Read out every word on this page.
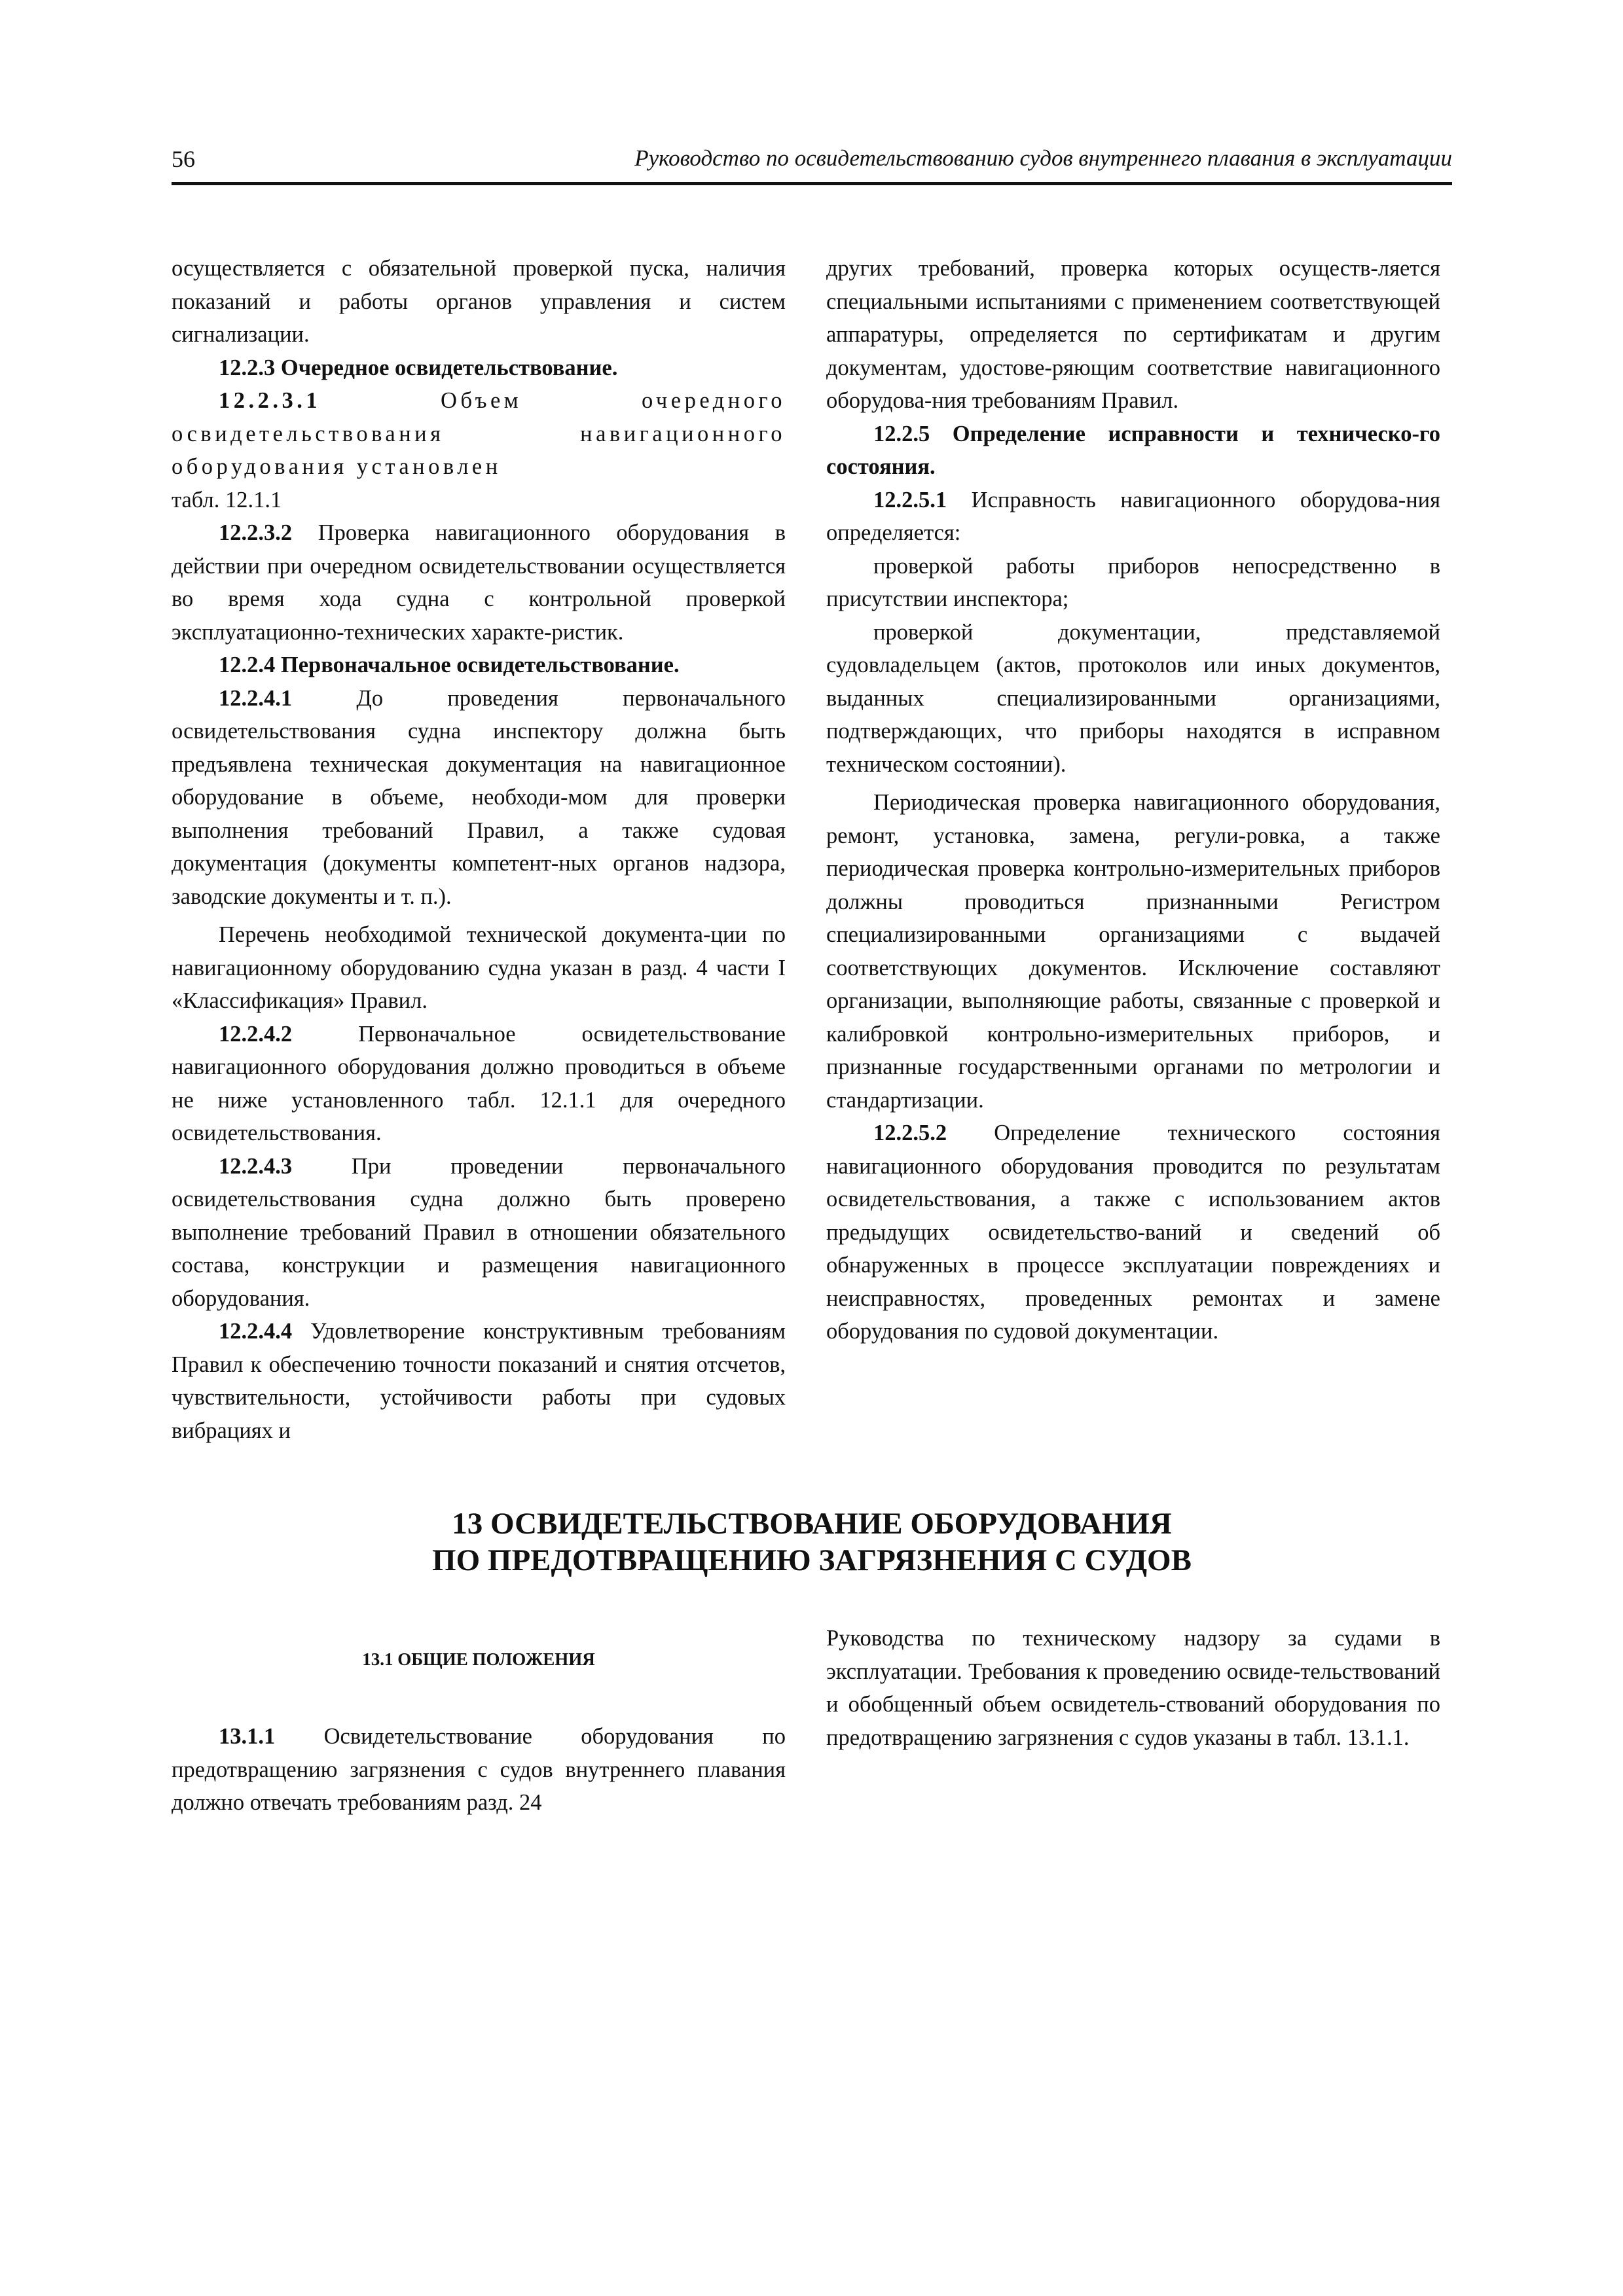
56	Руководство по освидетельствованию судов внутреннего плавания в эксплуатации

осуществляется с обязательной проверкой пуска, наличия показаний и работы органов управления и систем сигнализации.

12.2.3 Очередное освидетельствование.

12.2.3.1 Объем очередного освидетельствования навигационного оборудования установлен

табл. 12.1.1

12.2.3.2 Проверка навигационного оборудования в действии при очередном освидетельствовании осуществляется во время хода судна с контрольной проверкой эксплуатационно-технических характе-ристик.

12.2.4 Первоначальное освидетельствование.

12.2.4.1 До проведения первоначального освидетельствования судна инспектору должна быть предъявлена техническая документация на навигационное оборудование в объеме, необходи-мом для проверки выполнения требований Правил, а также судовая документация (документы компетент-ных органов надзора, заводские документы и т. п.).

Перечень необходимой технической документа-ции по навигационному оборудованию судна указан в разд. 4 части I «Классификация» Правил.

12.2.4.2 Первоначальное освидетельствование навигационного оборудования должно проводиться в объеме не ниже установленного табл. 12.1.1 для очередного освидетельствования.

12.2.4.3 При проведении первоначального освидетельствования судна должно быть проверено выполнение требований Правил в отношении обязательного состава, конструкции и размещения навигационного оборудования.

12.2.4.4 Удовлетворение конструктивным требованиям Правил к обеспечению точности показаний и снятия отсчетов, чувствительности, устойчивости работы при судовых вибрациях и

других требований, проверка которых осуществ-ляется специальными испытаниями с применением соответствующей аппаратуры, определяется по сертификатам и другим документам, удостове-ряющим соответствие навигационного оборудова-ния требованиям Правил.

12.2.5 Определение исправности и техническо-го состояния.

12.2.5.1 Исправность навигационного оборудова-ния определяется:

проверкой работы приборов непосредственно в присутствии инспектора;

проверкой документации, представляемой судовладельцем (актов, протоколов или иных документов, выданных специализированными организациями, подтверждающих, что приборы находятся в исправном техническом состоянии).

Периодическая проверка навигационного оборудования, ремонт, установка, замена, регули-ровка, а также периодическая проверка контрольно-измерительных приборов должны проводиться признанными Регистром специализированными организациями с выдачей соответствующих документов. Исключение составляют организации, выполняющие работы, связанные с проверкой и калибровкой контрольно-измерительных приборов, и признанные государственными органами по метрологии и стандартизации.

12.2.5.2 Определение технического состояния навигационного оборудования проводится по результатам освидетельствования, а также с использованием актов предыдущих освидетельство-ваний и сведений об обнаруженных в процессе эксплуатации повреждениях и неисправностях, проведенных ремонтах и замене оборудования по судовой документации.

13 ОСВИДЕТЕЛЬСТВОВАНИЕ ОБОРУДОВАНИЯ
ПО ПРЕДОТВРАЩЕНИЮ ЗАГРЯЗНЕНИЯ С СУДОВ
13.1 ОБЩИЕ ПОЛОЖЕНИЯ

13.1.1 Освидетельствование оборудования по предотвращению загрязнения с судов внутреннего плавания должно отвечать требованиям разд. 24

Руководства по техническому надзору за судами в эксплуатации. Требования к проведению освиде-тельствований и обобщенный объем освидетель-ствований оборудования по предотвращению загрязнения с судов указаны в табл. 13.1.1.
